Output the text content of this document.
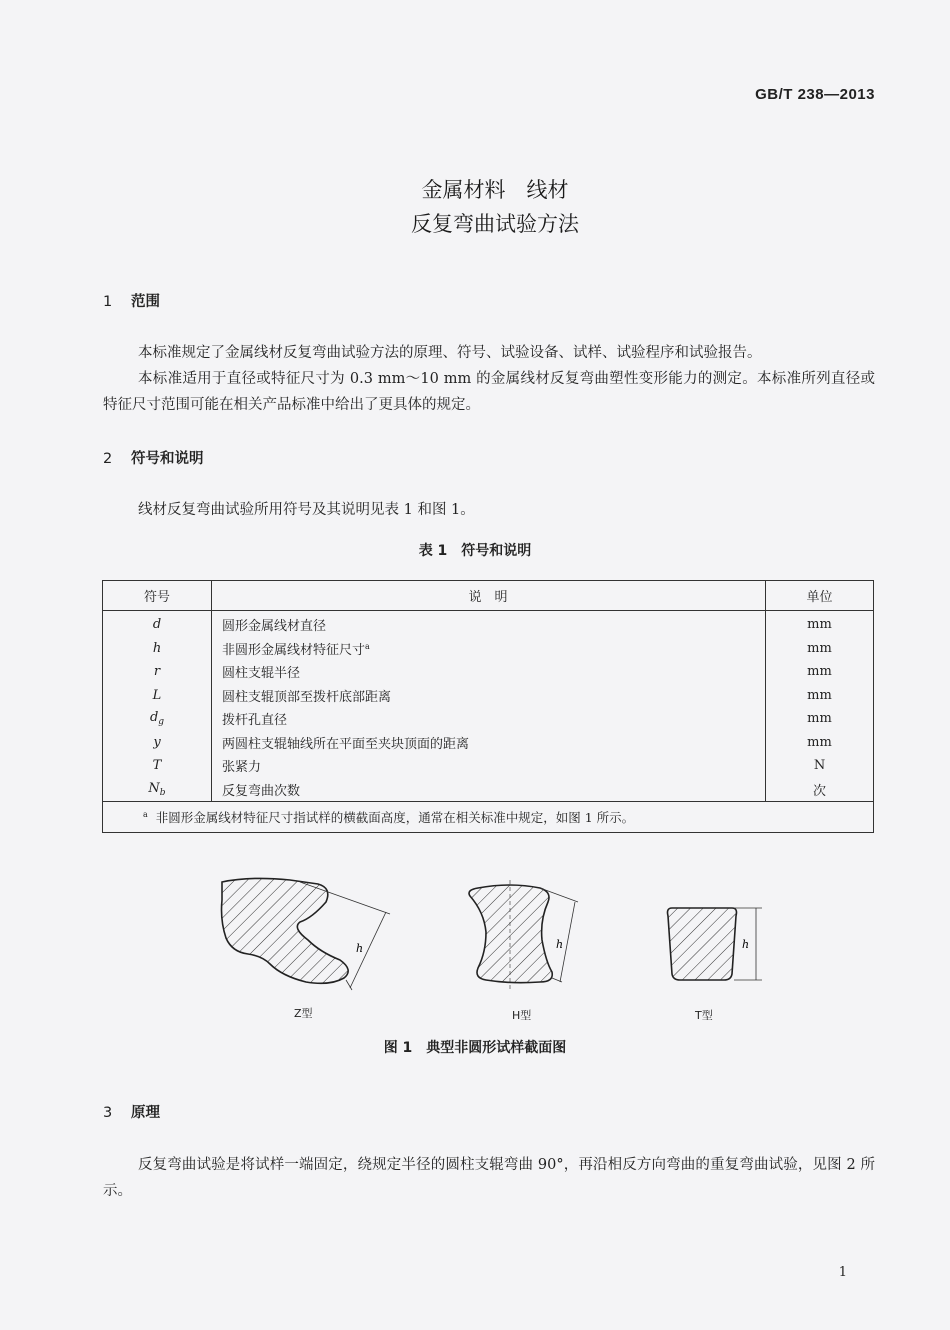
GB/T 238—2013
金属材料　线材
反复弯曲试验方法
1 范围
本标准规定了金属线材反复弯曲试验方法的原理、符号、试验设备、试样、试验程序和试验报告。
本标准适用于直径或特征尺寸为 0.3 mm～10 mm 的金属线材反复弯曲塑性变形能力的测定。本标准所列直径或特征尺寸范围可能在相关产品标准中给出了更具体的规定。
2 符号和说明
线材反复弯曲试验所用符号及其说明见表 1 和图 1。
表 1　符号和说明
符号	说　明	单位
d	圆形金属线材直径	mm
h	非圆形金属线材特征尺寸$^a$	mm
r	圆柱支辊半径	mm
L	圆柱支辊顶部至拨杆底部距离	mm
$d_g$	拨杆孔直径	mm
y	两圆柱支辊轴线所在平面至夹块顶面的距离	mm
T	张紧力	N
$N_b$	反复弯曲次数	次
$^a$ 非圆形金属线材特征尺寸指试样的横截面高度，通常在相关标准中规定，如图 1 所示。		
h	h	h
Z型	H型	T型
图 1　典型非圆形试样截面图
3 原理
反复弯曲试验是将试样一端固定，绕规定半径的圆柱支辊弯曲 90°，再沿相反方向弯曲的重复弯曲试验，见图 2 所示。
1
